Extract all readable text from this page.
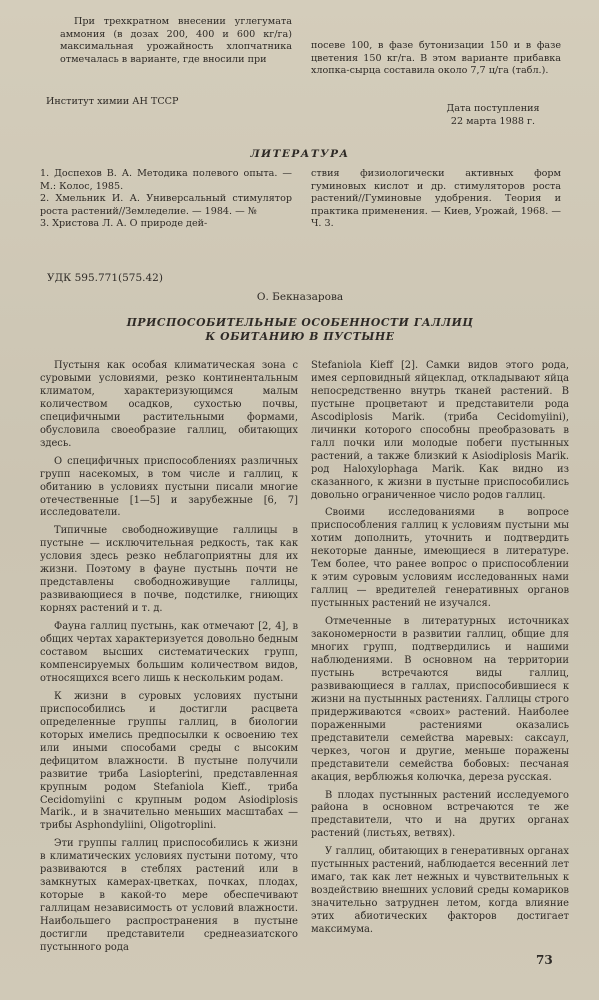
При трехкратном внесении углегумата аммония (в дозах 200, 400 и 600 кг/га) максимальная урожайность хлопчатника отмечалась в варианте, где вносили при

посеве 100, в фазе бутонизации 150 и в фазе цветения 150 кг/га. В этом варианте прибавка хлопка-сырца составила около 7,7 ц/га (табл.).

Институт химии АН ТССР

Дата поступления

22 марта 1988 г.

ЛИТЕРАТУРА

1. Доспехов В. А. Методика полевого опыта. — М.: Колос, 1985.

2. Хмельник И. А. Универсальный стимулятор роста растений//Земледелие. — 1984. — №

3. Христова Л. А. О природе дей-

ствия физиологически активных форм гуминовых кислот и др. стимуляторов роста растений//Гуминовые удобрения. Теория и практика применения. — Киев, Урожай, 1968. — Ч. 3.

УДК 595.771(575.42)

О. Бекназарова

ПРИСПОСОБИТЕЛЬНЫЕ ОСОБЕННОСТИ ГАЛЛИЦ

К ОБИТАНИЮ В ПУСТЫНЕ

Пустыня как особая климатическая зона с суровыми условиями, резко континентальным климатом, характеризующимся малым количеством осадков, сухостью почвы, специфичными растительными формами, обусловила своеобразие галлиц, обитающих здесь.

О специфичных приспособлениях различных групп насекомых, в том числе и галлиц, к обитанию в условиях пустыни писали многие отечественные [1—5] и зарубежные [6, 7] исследователи.

Типичные свободноживущие галлицы в пустыне — исключительная редкость, так как условия здесь резко неблагоприятны для их жизни. Поэтому в фауне пустынь почти не представлены свободноживущие галлицы, развивающиеся в почве, подстилке, гниющих корнях растений и т. д.

Фауна галлиц пустынь, как отмечают [2, 4], в общих чертах характеризуется довольно бедным составом высших систематических групп, компенсируемых большим количеством видов, относящихся всего лишь к нескольким родам.

К жизни в суровых условиях пустыни приспособились и достигли расцвета определенные группы галлиц, в биологии которых имелись предпосылки к освоению тех или иными способами среды с высоким дефицитом влажности. В пустыне получили развитие триба Lasiopterini, представленная крупным родом Stefaniola Kieff., триба Cecidomyiini с крупным родом Asiodiplosis Marik., и в значительно меньших масштабах — трибы Asphondyliini, Oligotroplini.

Эти группы галлиц приспособились к жизни в климатических условиях пустыни потому, что развиваются в стеблях растений или в замкнутых камерах-цветках, почках, плодах, которые в какой-то мере обеспечивают галлицам независимость от условий влажности. Наибольшего распространения в пустыне достигли представители среднеазиатского пустынного рода

Stefaniola Kieff [2]. Самки видов этого рода, имея серповидный яйцеклад, откладывают яйца непосредственно внутрь тканей растений. В пустыне процветают и представители рода Ascodiplosis Marik. (триба Cecidomyiini), личинки которого способны преобразовать в галл почки или молодые побеги пустынных растений, а также близкий к Asiodiplosis Marik. род Haloxylophaga Marik. Как видно из сказанного, к жизни в пустыне приспособились довольно ограниченное число родов галлиц.

Своими исследованиями в вопросе приспособления галлиц к условиям пустыни мы хотим дополнить, уточнить и подтвердить некоторые данные, имеющиеся в литературе. Тем более, что ранее вопрос о приспособлении к этим суровым условиям исследованных нами галлиц — вредителей генеративных органов пустынных растений не изучался.

Отмеченные в литературных источниках закономерности в развитии галлиц, общие для многих групп, подтвердились и нашими наблюдениями. В основном на территории пустынь встречаются виды галлиц, развивающиеся в галлах, приспособившиеся к жизни на пустынных растениях. Галлицы строго придерживаются «своих» растений. Наиболее пораженными растениями оказались представители семейства маревых: саксаул, черкез, чогон и другие, меньше поражены представители семейства бобовых: песчаная акация, верблюжья колючка, дереза русская.

В плодах пустынных растений исследуемого района в основном встречаются те же представители, что и на других органах растений (листьях, ветвях).

У галлиц, обитающих в генеративных органах пустынных растений, наблюдается весенний лет имаго, так как лет нежных и чувствительных к воздействию внешних условий среды комариков значительно затруднен летом, когда влияние этих абиотических факторов достигает максимума.

73
